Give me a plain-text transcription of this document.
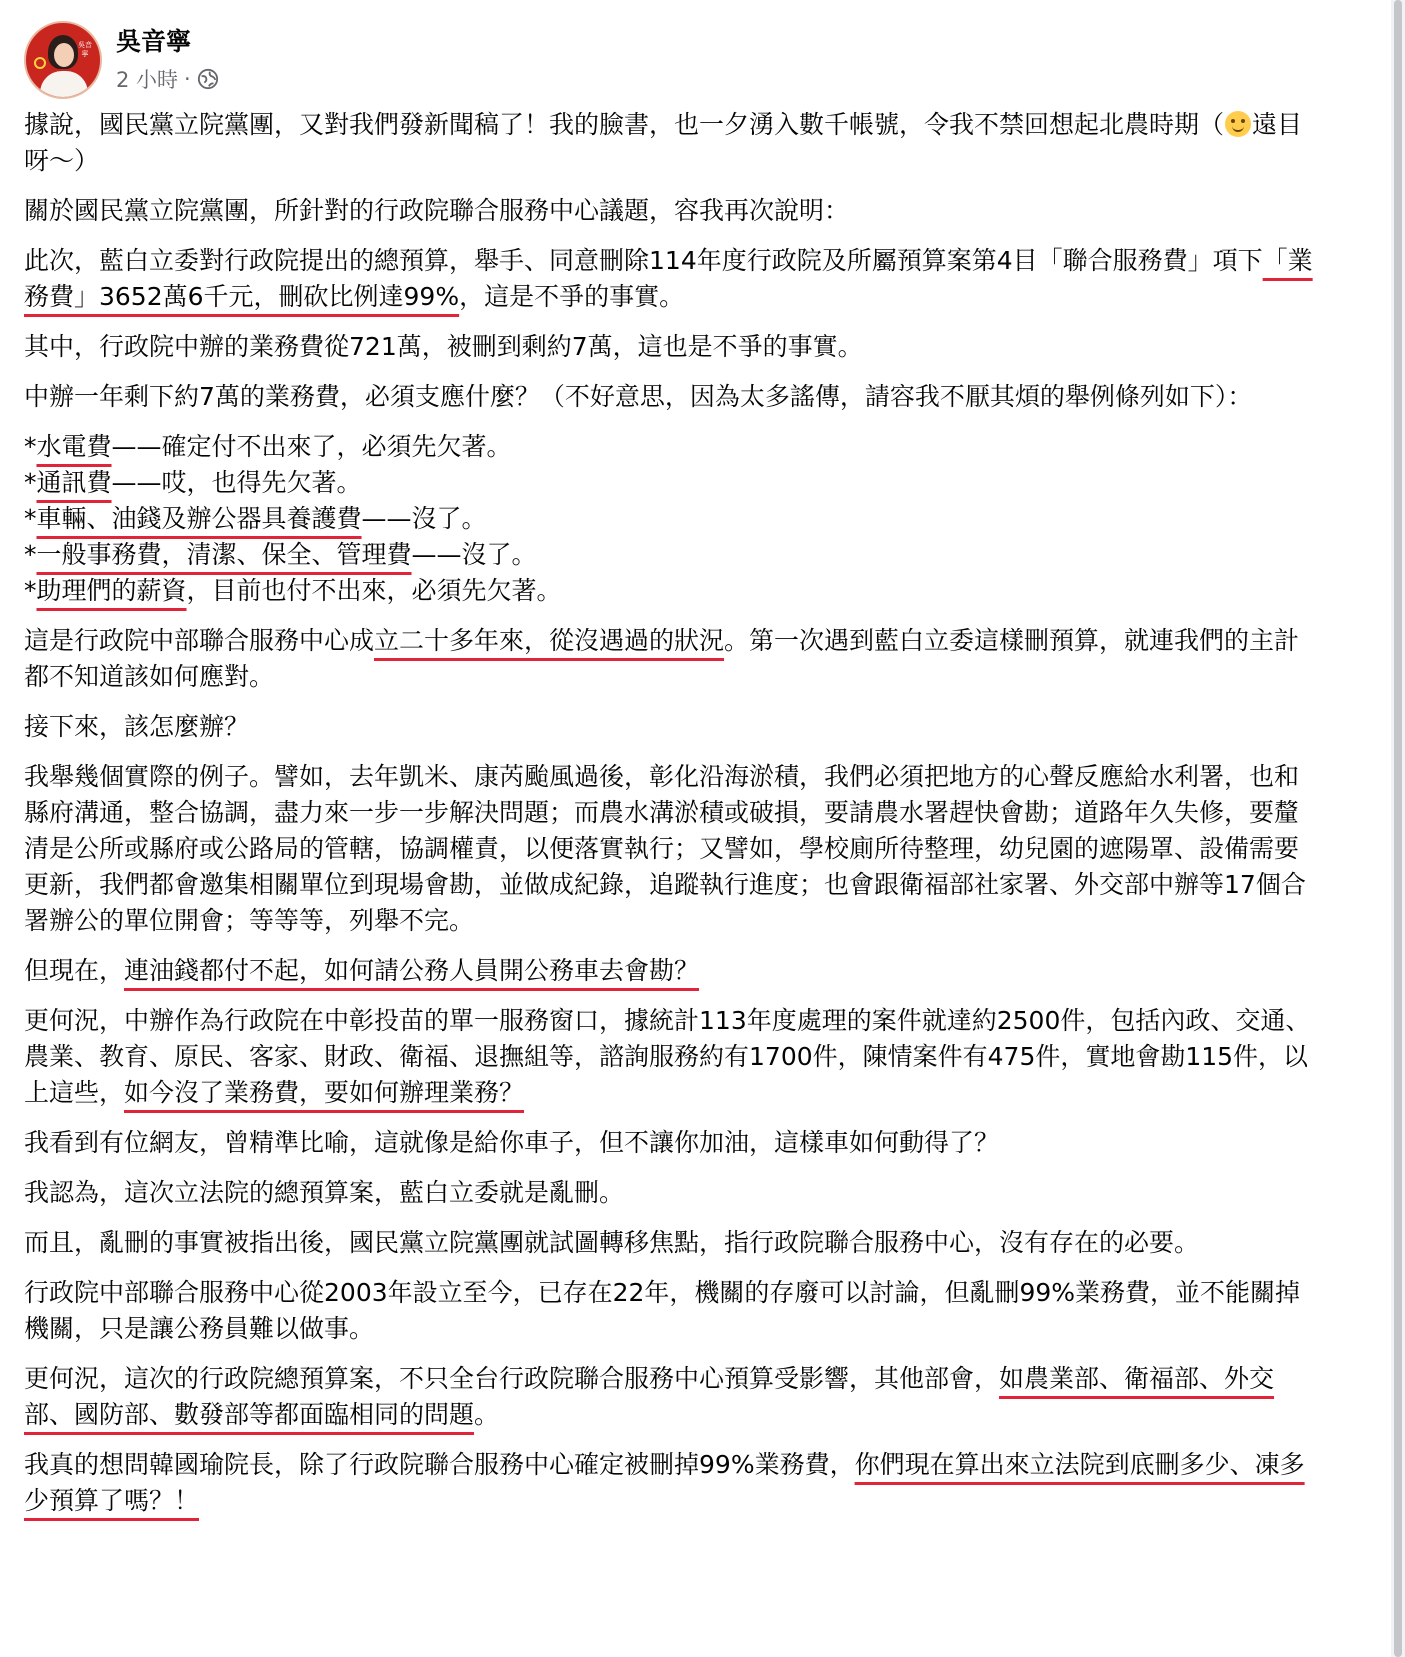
吳音寧 吳音寧
2 小時 ·

據說，國民黨立院黨團，又對我們發新聞稿了！我的臉書，也一夕湧入數千帳號，令我不禁回想起北農時期（ 遠目呀～）

關於國民黨立院黨團，所針對的行政院聯合服務中心議題，容我再次說明：

此次，藍白立委對行政院提出的總預算，舉手、同意刪除114年度行政院及所屬預算案第4目「聯合服務費」項下「業務費」3652萬6千元，刪砍比例達99%，這是不爭的事實。

其中，行政院中辦的業務費從721萬，被刪到剩約7萬，這也是不爭的事實。

中辦一年剩下約7萬的業務費，必須支應什麼？（不好意思，因為太多謠傳，請容我不厭其煩的舉例條列如下）：

*水電費——確定付不出來了，必須先欠著。

*通訊費——哎，也得先欠著。

*車輛、油錢及辦公器具養護費——沒了。

*一般事務費，清潔、保全、管理費——沒了。

*助理們的薪資，目前也付不出來，必須先欠著。

這是行政院中部聯合服務中心成立二十多年來，從沒遇過的狀況。第一次遇到藍白立委這樣刪預算，就連我們的主計都不知道該如何應對。

接下來，該怎麼辦？

我舉幾個實際的例子。譬如，去年凱米、康芮颱風過後，彰化沿海淤積，我們必須把地方的心聲反應給水利署，也和縣府溝通，整合協調，盡力來一步一步解決問題；而農水溝淤積或破損，要請農水署趕快會勘；道路年久失修，要釐清是公所或縣府或公路局的管轄，協調權責，以便落實執行；又譬如，學校廁所待整理，幼兒園的遮陽罩、設備需要更新，我們都會邀集相關單位到現場會勘，並做成紀錄，追蹤執行進度；也會跟衛福部社家署、外交部中辦等17個合署辦公的單位開會；等等等，列舉不完。

但現在，連油錢都付不起，如何請公務人員開公務車去會勘？

更何況，中辦作為行政院在中彰投苗的單一服務窗口，據統計113年度處理的案件就達約2500件，包括內政、交通、農業、教育、原民、客家、財政、衛福、退撫組等，諮詢服務約有1700件，陳情案件有475件，實地會勘115件，以上這些，如今沒了業務費，要如何辦理業務？

我看到有位網友，曾精準比喻，這就像是給你車子，但不讓你加油，這樣車如何動得了？

我認為，這次立法院的總預算案，藍白立委就是亂刪。

而且，亂刪的事實被指出後，國民黨立院黨團就試圖轉移焦點，指行政院聯合服務中心，沒有存在的必要。

行政院中部聯合服務中心從2003年設立至今，已存在22年，機關的存廢可以討論，但亂刪99%業務費，並不能關掉機關，只是讓公務員難以做事。

更何況，這次的行政院總預算案，不只全台行政院聯合服務中心預算受影響，其他部會，如農業部、衛福部、外交部、國防部、數發部等都面臨相同的問題。

我真的想問韓國瑜院長，除了行政院聯合服務中心確定被刪掉99%業務費，你們現在算出來立法院到底刪多少、凍多少預算了嗎？！
